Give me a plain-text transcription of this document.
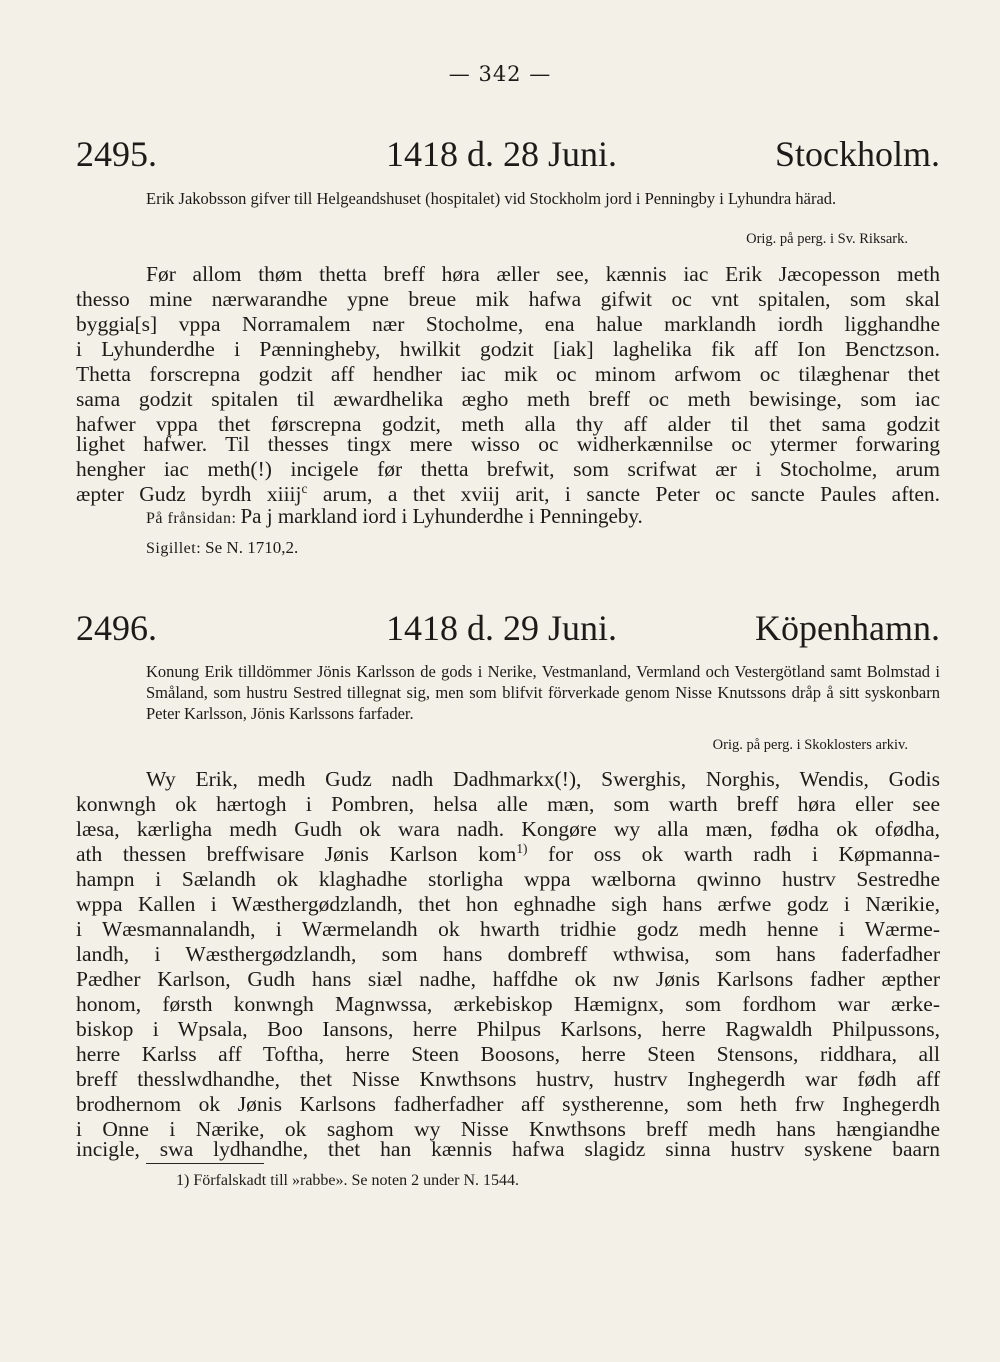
— 342 —
2495.	1418 d. 28 Juni.	Stockholm.
Erik Jakobsson gifver till Helgeandshuset (hospitalet) vid Stockholm jord i Penningby i Lyhundra härad.
Orig. på perg. i Sv. Riksark.
Før allom thøm thetta breff høra æller see, kænnis iac Erik Jæcopesson meth
thesso mine nærwarandhe ypne breue mik hafwa gifwit oc vnt spitalen, som skal
byggia[s] vppa Norramalem nær Stocholme, ena halue marklandh iordh ligghandhe
i Lyhunderdhe i Pænningheby, hwilkit godzit [iak] laghelika fik aff Ion Benctzson.
Thetta forscrepna godzit aff hendher iac mik oc minom arfwom oc tilæghenar thet
sama godzit spitalen til æwardhelika ægho meth breff oc meth bewisinge, som iac
hafwer vppa thet førscrepna godzit, meth alla thy aff alder til thet sama godzit
lighet hafwer. Til thesses tingx mere wisso oc widherkænnilse oc ytermer forwaring
hengher iac meth(!) incigele før thetta brefwit, som scrifwat ær i Stocholme, arum
æpter Gudz byrdh xiiij$^c$ arum, a thet xviij arit, i sancte Peter oc sancte Paules aften.
På frånsidan: Pa j markland iord i Lyhunderdhe i Penningeby.
Sigillet: Se N. 1710,2.
2496.	1418 d. 29 Juni.	Köpenhamn.
Konung Erik tilldömmer Jönis Karlsson de gods i Nerike, Vestmanland, Vermland och Vestergötland samt Bolmstad i Småland, som hustru Sestred tillegnat sig, men som blifvit förverkade genom Nisse Knutssons dråp å sitt syskonbarn Peter Karlsson, Jönis Karlssons farfader.
Orig. på perg. i Skoklosters arkiv.
Wy Erik, medh Gudz nadh Dadhmarkx(!), Swerghis, Norghis, Wendis, Godis
konwngh ok hærtogh i Pombren, helsa alle mæn, som warth breff høra eller see
læsa, kærligha medh Gudh ok wara nadh. Kongøre wy alla mæn, fødha ok ofødha,
ath thessen breffwisare Jønis Karlson kom$^{1)}$ for oss ok warth radh i Køpmanna-
hampn i Sælandh ok klaghadhe storligha wppa wælborna qwinno hustrv Sestredhe
wppa Kallen i Wæsthergødzlandh, thet hon eghnadhe sigh hans ærfwe godz i Nærikie,
i Wæsmannalandh, i Wærmelandh ok hwarth tridhie godz medh henne i Wærme-
landh, i Wæsthergødzlandh, som hans dombreff wthwisa, som hans faderfadher
Pædher Karlson, Gudh hans siæl nadhe, haffdhe ok nw Jønis Karlsons fadher æpther
honom, førsth konwngh Magnwssa, ærkebiskop Hæmignx, som fordhom war ærke-
biskop i Wpsala, Boo Iansons, herre Philpus Karlsons, herre Ragwaldh Philpussons,
herre Karlss aff Toftha, herre Steen Boosons, herre Steen Stensons, riddhara, all
breff thesslwdhandhe, thet Nisse Knwthsons hustrv, hustrv Inghegerdh war fødh aff
brodhernom ok Jønis Karlsons fadherfadher aff systherenne, som heth frw Inghegerdh
i Onne i Nærike, ok saghom wy Nisse Knwthsons breff medh hans hængiandhe
incigle, swa lydhandhe, thet han kænnis hafwa slagidz sinna hustrv syskene baarn
1) Förfalskadt till »rabbe». Se noten 2 under N. 1544.
